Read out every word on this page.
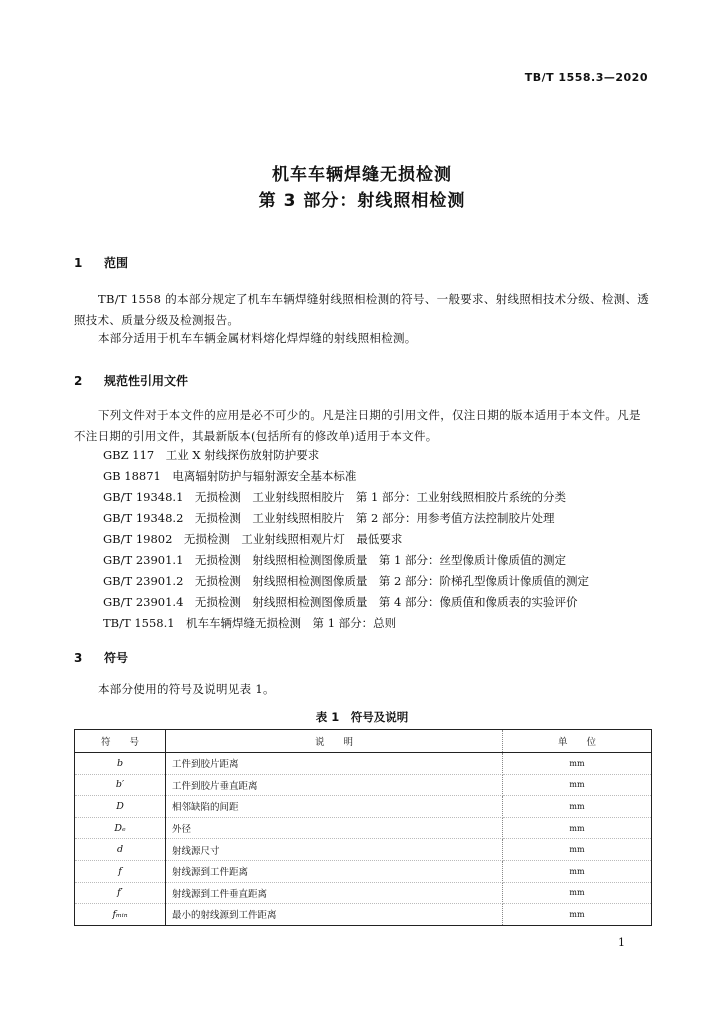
TB/T 1558.3—2020
机车车辆焊缝无损检测
第 3 部分：射线照相检测
1 范围
TB/T 1558 的本部分规定了机车车辆焊缝射线照相检测的符号、一般要求、射线照相技术分级、检测、透照技术、质量分级及检测报告。
本部分适用于机车车辆金属材料熔化焊焊缝的射线照相检测。
2 规范性引用文件
下列文件对于本文件的应用是必不可少的。凡是注日期的引用文件，仅注日期的版本适用于本文件。凡是不注日期的引用文件，其最新版本(包括所有的修改单)适用于本文件。
GBZ 117　工业 X 射线探伤放射防护要求
GB 18871　电离辐射防护与辐射源安全基本标准
GB/T 19348.1　无损检测　工业射线照相胶片　第 1 部分：工业射线照相胶片系统的分类
GB/T 19348.2　无损检测　工业射线照相胶片　第 2 部分：用参考值方法控制胶片处理
GB/T 19802　无损检测　工业射线照相观片灯　最低要求
GB/T 23901.1　无损检测　射线照相检测图像质量　第 1 部分：丝型像质计像质值的测定
GB/T 23901.2　无损检测　射线照相检测图像质量　第 2 部分：阶梯孔型像质计像质值的测定
GB/T 23901.4　无损检测　射线照相检测图像质量　第 4 部分：像质值和像质表的实验评价
TB/T 1558.1　机车车辆焊缝无损检测　第 1 部分：总则
3 符号
本部分使用的符号及说明见表 1。
表 1　符号及说明
符　　号	说　　明	单　　位
b	工件到胶片距离	mm
b′	工件到胶片垂直距离	mm
D	相邻缺陷的间距	mm
Dₑ	外径	mm
d	射线源尺寸	mm
f	射线源到工件距离	mm
f′	射线源到工件垂直距离	mm
fₘᵢₙ	最小的射线源到工件距离	mm
1
